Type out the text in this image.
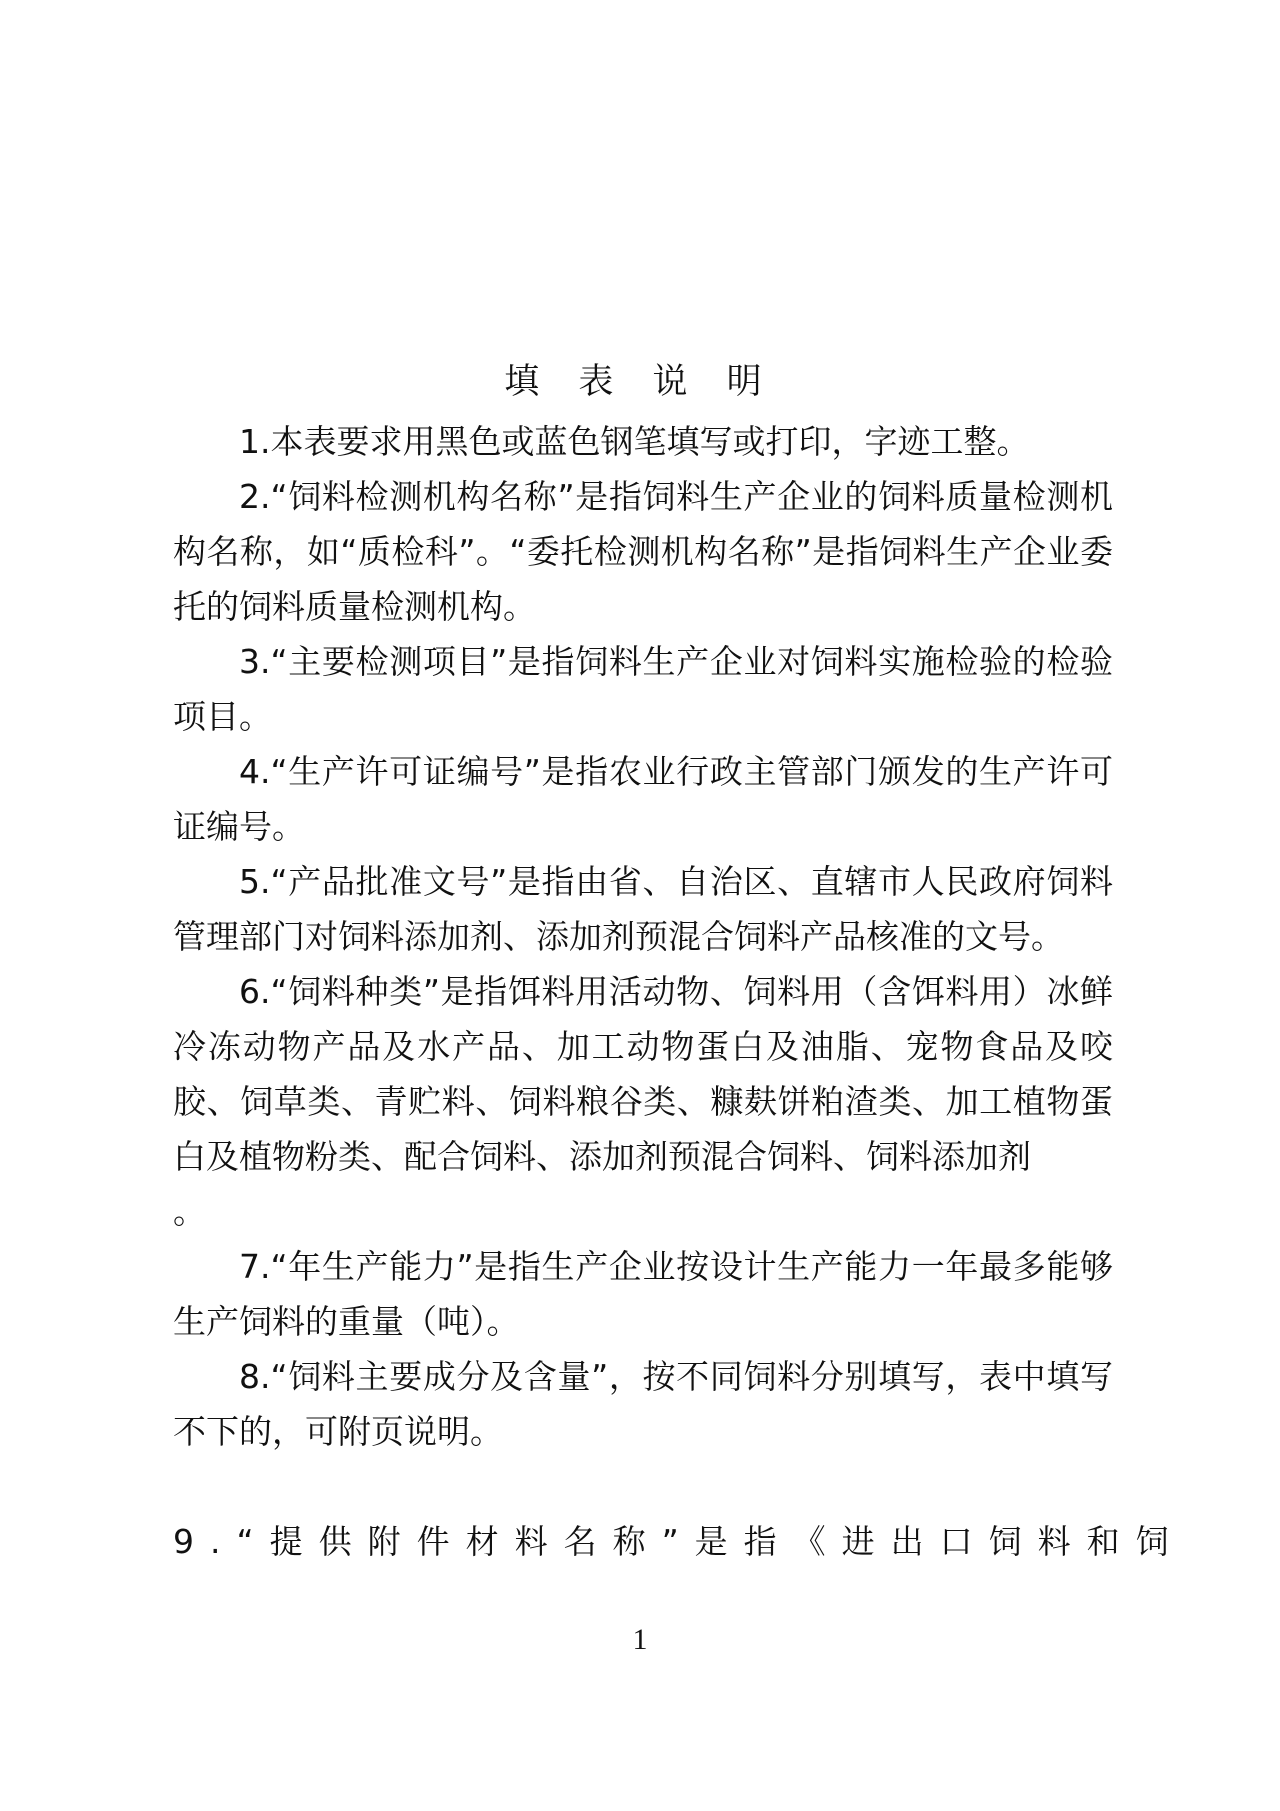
填 表 说 明

1.本表要求用黑色或蓝色钢笔填写或打印，字迹工整。

2.“饲料检测机构名称”是指饲料生产企业的饲料质量检测机构名称，如“质检科”。“委托检测机构名称”是指饲料生产企业委托的饲料质量检测机构。

3.“主要检测项目”是指饲料生产企业对饲料实施检验的检验项目。

4.“生产许可证编号”是指农业行政主管部门颁发的生产许可证编号。

5.“产品批准文号”是指由省、自治区、直辖市人民政府饲料管理部门对饲料添加剂、添加剂预混合饲料产品核准的文号。

6.“饲料种类”是指饵料用活动物、饲料用（含饵料用）冰鲜冷冻动物产品及水产品、加工动物蛋白及油脂、宠物食品及咬胶、饲草类、青贮料、饲料粮谷类、糠麸饼粕渣类、加工植物蛋白及植物粉类、配合饲料、添加剂预混合饲料、饲料添加剂

。

7.“年生产能力”是指生产企业按设计生产能力一年最多能够生产饲料的重量（吨）。

8.“饲料主要成分及含量”，按不同饲料分别填写，表中填写不下的，可附页说明。

9.“提供附件材料名称”是指《进出口饲料和饲

1
